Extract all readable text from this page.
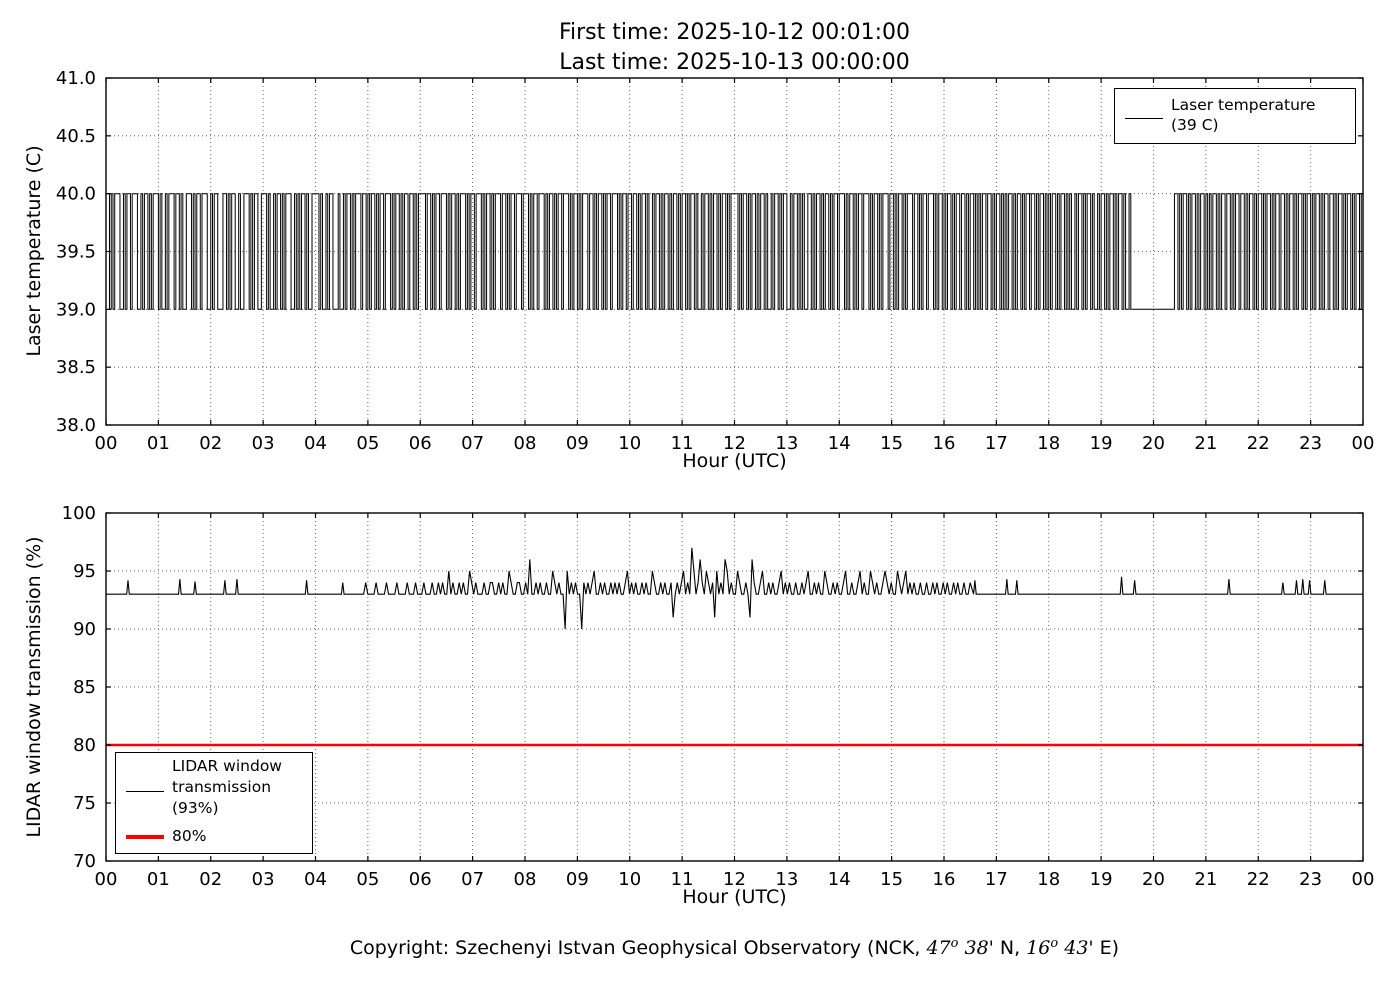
00 01 02 03 04 05 06 07 08 09 10 11 12 13 14 15 16 17 18 19 20 21 22 23 00
38.0
38.5
39.0
39.5
40.0
40.5
41.0
00 01 02 03 04 05 06 07 08 09 10 11 12 13 14 15 16 17 18 19 20 21 22 23 00
70
75
80
85
90
95
100
First time: 2025-10-12 00:01:00
Last time: 2025-10-13 00:00:00
Laser temperature (C)
Hour (UTC)
LIDAR window transmission (%)
Hour (UTC)
Laser temperature
(39 C)
LIDAR window
transmission
(93%)
80%
Copyright: Szechenyi Istvan Geophysical Observatory (NCK, 47$^o$ 38' N, 16$^o$ 43' E)
